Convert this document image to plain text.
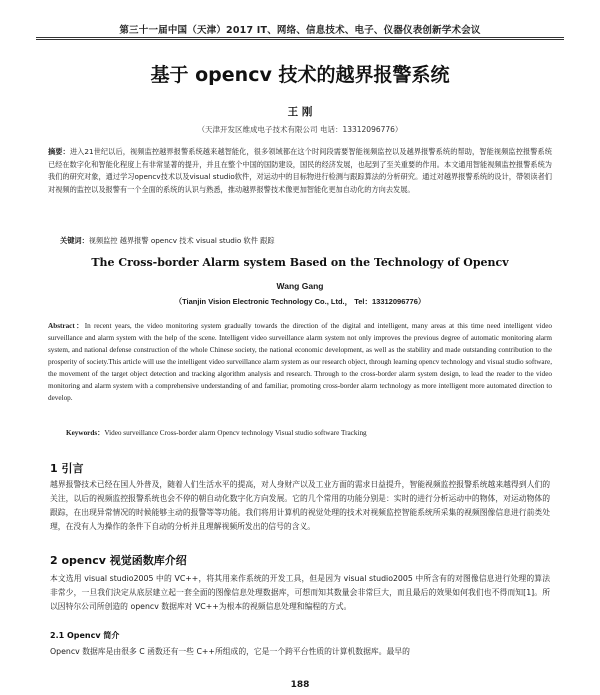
第三十一届中国（天津）2017 IT、网络、信息技术、电子、仪器仪表创新学术会议
基于 opencv 技术的越界报警系统
王 刚
（天津开发区维成电子技术有限公司 电话：13312096776）
摘要：进入21世纪以后，视频监控越界报警系统越来越智能化，很多领域都在这个时间段需要智能视频监控以及越界报警系统的帮助，智能视频监控报警系统已经在数字化和智能化程度上有非常显著的提升，并且在整个中国的国防建设，国民的经济发展，也起到了至关重要的作用。本文通用智能视频监控报警系统为我们的研究对象，通过学习opencv技术以及visual studio软件，对运动中的目标物进行检测与跟踪算法的分析研究。通过对越界报警系统的设计，帶领读者们对视频的监控以及报警有一个全面的系统的认识与熟悉，推动越界报警技术像更加智能化更加自动化的方向去发展。
关键词：视频监控 越界报警 opencv 技术 visual studio 软件 跟踪
The Cross-border Alarm system Based on the Technology of Opencv
Wang Gang
（Tianjin Vision Electronic Technology Co., Ltd.， Tel：13312096776）
Abstract：In recent years, the video monitoring system gradually towards the direction of the digital and intelligent, many areas at this time need intelligent video surveillance and alarm system with the help of the scene. Intelligent video surveillance alarm system not only improves the previous degree of automatic monitoring alarm system, and national defense construction of the whole Chinese society, the national economic development, as well as the stability and made outstanding contribution to the prosperity of society.This article will use the intelligent video surveillance alarm system as our research object, through learning opencv technology and visual studio software, the movement of the target object detection and tracking algorithm analysis and research. Through to the cross-border alarm system design, to lead the reader to the video monitoring and alarm system with a comprehensive understanding of and familiar, promoting cross-border alarm technology as more intelligent more automated direction to develop.
Keywords：Video surveillance Cross-border alarm Opencv technology Visual studio software Tracking
1 引言
越界报警技术已经在国人外普及，随着人们生活水平的提高，对人身财产以及工业方面的需求日益提升，智能视频监控报警系统越来越得到人们的关注，以后的视频监控报警系统也会不停的朝自动化数字化方向发展。它的几个常用的功能分别是：实时的进行分析运动中的物体，对运动物体的跟踪，在出现异常情况的时候能够主动的报警等等功能。我们将用计算机的视觉处理的技术对视频监控智能系统所采集的视频图像信息进行前类处理，在没有人为操作的条件下自动的分析并且理解视频所发出的信号的含义。
2 opencv 视觉函数库介绍
本文选用 visual studio2005 中的 VC++，将其用来作系统的开发工具，但是因为 visual studio2005 中所含有的对图像信息进行处理的算法非常少，一旦我们決定从底层建立起一套全面的图像信息处理数据库，可想而知其数量会非常巨大，而且最后的效果如何我们也不得而知[1]。所以因特尔公司所创造的 opencv 数据库对 VC++为根本的视频信息处理和编程的方式。
2.1 Opencv 简介
Opencv 数据库是由很多 C 函数还有一些 C++所组成的，它是一个跨平台性质的计算机数据库。最早的
188
